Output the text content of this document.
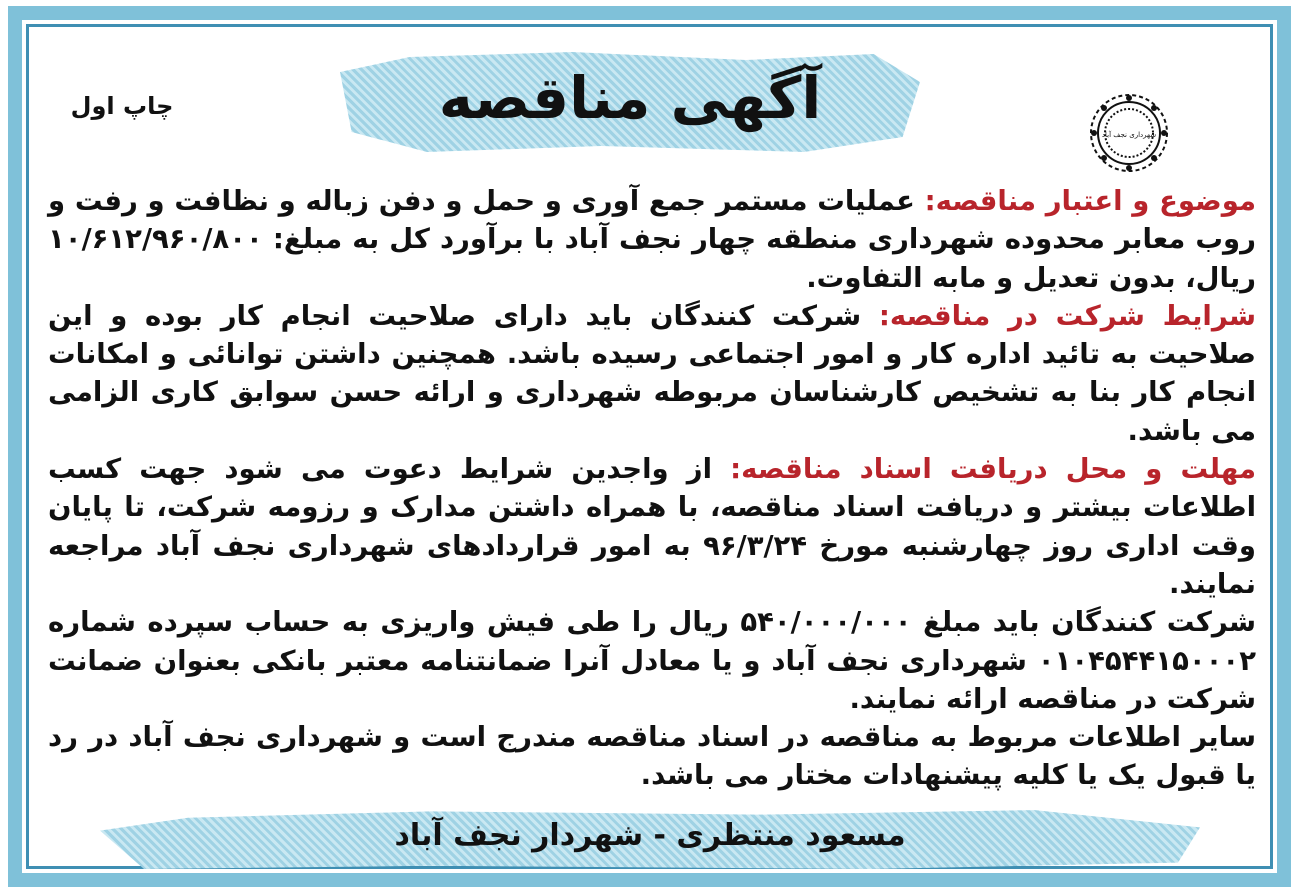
آگهی مناقصه
چاپ اول
شهرداری نجف آباد

موضوع و اعتبار مناقصه: عملیات مستمر جمع آوری و حمل و دفن زباله و نظافت و رفت و روب معابر محدوده شهرداری منطقه چهار نجف آباد با برآورد کل به مبلغ: ۱۰/۶۱۲/۹۶۰/۸۰۰ ریال، بدون تعدیل و مابه التفاوت.

شرایط شرکت در مناقصه: شرکت کنندگان باید دارای صلاحیت انجام کار بوده و این صلاحیت به تائید اداره کار و امور اجتماعی رسیده باشد. همچنین داشتن توانائی و امکانات انجام کار بنا به تشخیص کارشناسان مربوطه شهرداری و ارائه حسن سوابق کاری الزامی می باشد.

مهلت و محل دریافت اسناد مناقصه: از واجدین شرایط دعوت می شود جهت کسب اطلاعات بیشتر و دریافت اسناد مناقصه، با همراه داشتن مدارک و رزومه شرکت، تا پایان وقت اداری روز چهارشنبه مورخ ۹۶/۳/۲۴ به امور قراردادهای شهرداری نجف آباد مراجعه نمایند.

شرکت کنندگان باید مبلغ ۵۴۰/۰۰۰/۰۰۰ ریال را طی فیش واریزی به حساب سپرده شماره ۰۱۰۴۵۴۴۱۵۰۰۰۲ شهرداری نجف آباد و یا معادل آنرا ضمانتنامه معتبر بانکی بعنوان ضمانت شرکت در مناقصه ارائه نمایند.

سایر اطلاعات مربوط به مناقصه در اسناد مناقصه مندرج است و شهرداری نجف آباد در رد یا قبول یک یا کلیه پیشنهادات مختار می باشد.

مسعود منتظری - شهردار نجف آباد
